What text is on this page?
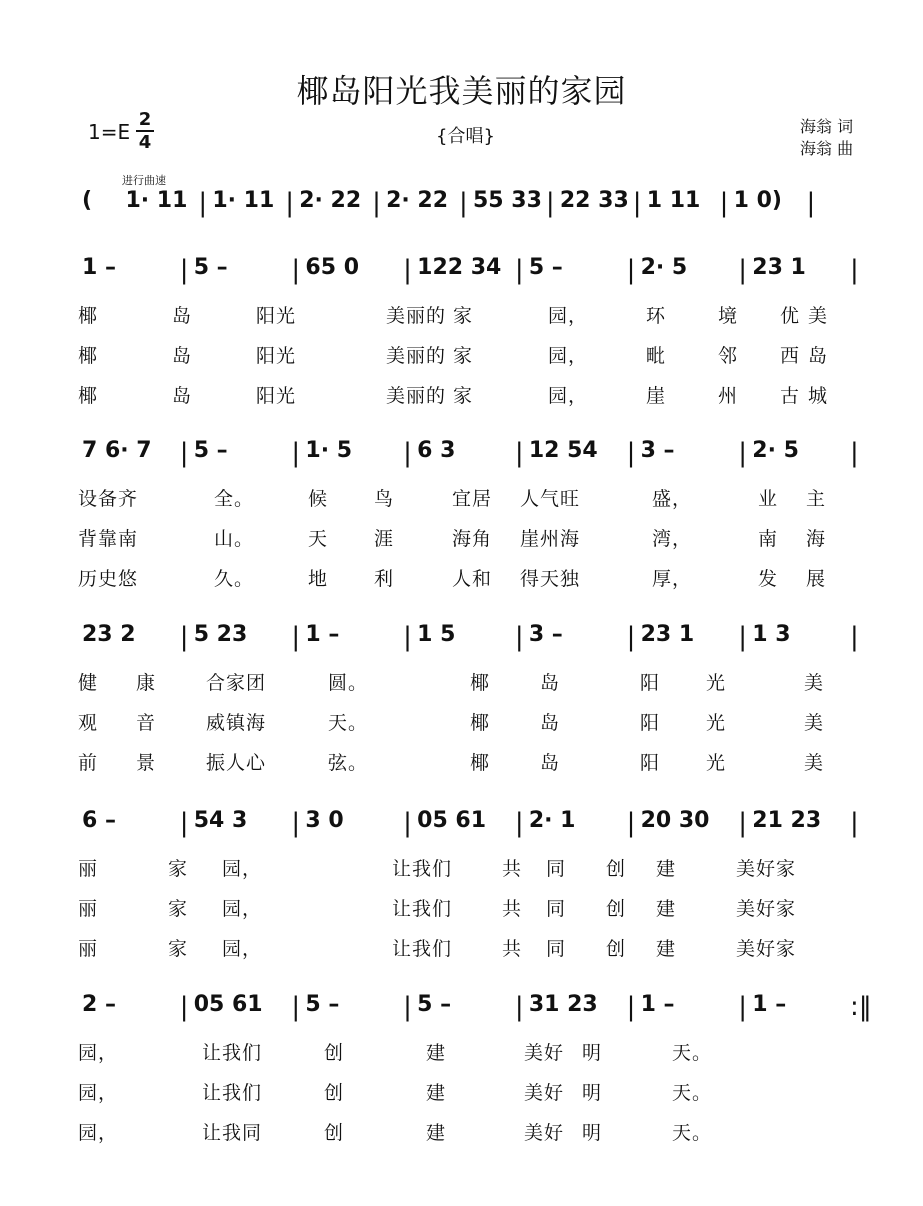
椰岛阳光我美丽的家园
1=E
2
4	{合唱}	海翁 词
海翁 曲
进行曲速
( 1· 11 | 1· 11 | 2· 22 | 2· 22 | 55 33 | 22 33 | 1 11 | 1 0) |
1 – | 5 – | 65 0 | 122 34 | 5 – | 2· 5 | 23 1 |
椰	岛	阳光	美丽的 家	园，	环	境 优 美
椰	岛	阳光	美丽的 家	园，	毗	邻 西 岛
椰	岛	阳光	美丽的 家	园，	崖	州 古 城
7 6· 7 | 5 – | 1· 5 | 6 3 | 12 54 | 3 – | 2· 5 |
设备齐	全。	候 鸟	宜居 人气旺	盛，	业 主
背靠南	山。	天 涯	海角 崖州海	湾，	南 海
历史悠	久。	地 利	人和 得天独	厚，	发 展
23 2 | 5 23 | 1 – | 1 5 | 3 – | 23 1 | 1 3 |
健 康	合家团	圆。	椰	岛	阳 光	美
观 音	威镇海	天。	椰	岛	阳 光	美
前 景	振人心	弦。	椰	岛	阳 光	美
6 – | 54 3 | 3 0 | 05 61 | 2· 1 | 20 30 | 21 23 |
丽	家 园，	让我们	共 同 创 建	美好家
丽	家 园，	让我们	共 同 创 建	美好家
丽	家 园，	让我们	共 同 创 建	美好家
2 – | 05 61 | 5 – | 5 – | 31 23 | 1 – | 1 – :‖
园，	让我们	创	建	美好 明	天。
园，	让我们	创	建	美好 明	天。
园，	让我同	创	建	美好 明	天。
